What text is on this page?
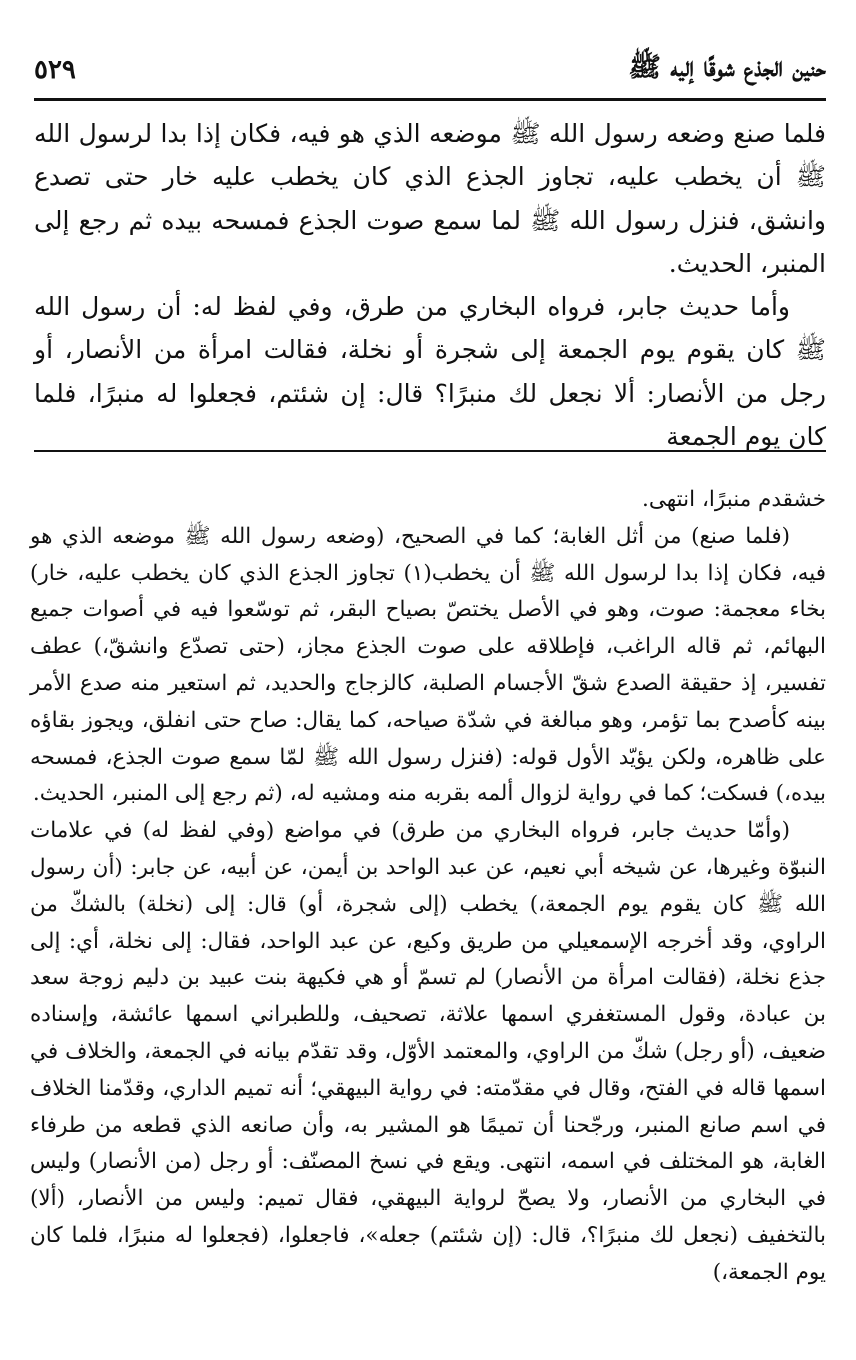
حنين الجذع شوقًا إليه ﷺ
٥٢٩

فلما صنع وضعه رسول الله ﷺ موضعه الذي هو فيه، فكان إذا بدا لرسول الله ﷺ أن يخطب عليه، تجاوز الجذع الذي كان يخطب عليه خار حتى تصدع وانشق، فنزل رسول الله ﷺ لما سمع صوت الجذع فمسحه بيده ثم رجع إلى المنبر، الحديث.

وأما حديث جابر، فرواه البخاري من طرق، وفي لفظ له: أن رسول الله ﷺ كان يقوم يوم الجمعة إلى شجرة أو نخلة، فقالت امرأة من الأنصار، أو رجل من الأنصار: ألا نجعل لك منبرًا؟ قال: إن شئتم، فجعلوا له منبرًا، فلما كان يوم الجمعة

خشقدم منبرًا، انتهى.

(فلما صنع) من أثل الغابة؛ كما في الصحيح، (وضعه رسول الله ﷺ موضعه الذي هو فيه، فكان إذا بدا لرسول الله ﷺ أن يخطب(١) تجاوز الجذع الذي كان يخطب عليه، خار) بخاء معجمة: صوت، وهو في الأصل يختصّ بصياح البقر، ثم توسّعوا فيه في أصوات جميع البهائم، ثم قاله الراغب، فإطلاقه على صوت الجذع مجاز، (حتى تصدّع وانشقّ،) عطف تفسير، إذ حقيقة الصدع شقّ الأجسام الصلبة، كالزجاج والحديد، ثم استعير منه صدع الأمر بينه كأصدح بما تؤمر، وهو مبالغة في شدّة صياحه، كما يقال: صاح حتى انفلق، ويجوز بقاؤه على ظاهره، ولكن يؤيّد الأول قوله: (فنزل رسول الله ﷺ لمّا سمع صوت الجذع، فمسحه بيده،) فسكت؛ كما في رواية لزوال ألمه بقربه منه ومشيه له، (ثم رجع إلى المنبر، الحديث.

(وأمّا حديث جابر، فرواه البخاري من طرق) في مواضع (وفي لفظ له) في علامات النبوّة وغيرها، عن شيخه أبي نعيم، عن عبد الواحد بن أيمن، عن أبيه، عن جابر: (أن رسول الله ﷺ كان يقوم يوم الجمعة،) يخطب (إلى شجرة، أو) قال: إلى (نخلة) بالشكّ من الراوي، وقد أخرجه الإسمعيلي من طريق وكيع، عن عبد الواحد، فقال: إلى نخلة، أي: إلى جذع نخلة، (فقالت امرأة من الأنصار) لم تسمّ أو هي فكيهة بنت عبيد بن دليم زوجة سعد بن عبادة، وقول المستغفري اسمها علاثة، تصحيف، وللطبراني اسمها عائشة، وإسناده ضعيف، (أو رجل) شكّ من الراوي، والمعتمد الأوّل، وقد تقدّم بيانه في الجمعة، والخلاف في اسمها قاله في الفتح، وقال في مقدّمته: في رواية البيهقي؛ أنه تميم الداري، وقدّمنا الخلاف في اسم صانع المنبر، ورجّحنا أن تميمًا هو المشير به، وأن صانعه الذي قطعه من طرفاء الغابة، هو المختلف في اسمه، انتهى. ويقع في نسخ المصنّف: أو رجل (من الأنصار) وليس في البخاري من الأنصار، ولا يصحّ لرواية البيهقي، فقال تميم: وليس من الأنصار، (ألا) بالتخفيف (نجعل لك منبرًا؟، قال: (إن شئتم) جعله»، فاجعلوا، (فجعلوا له منبرًا، فلما كان يوم الجمعة،)
